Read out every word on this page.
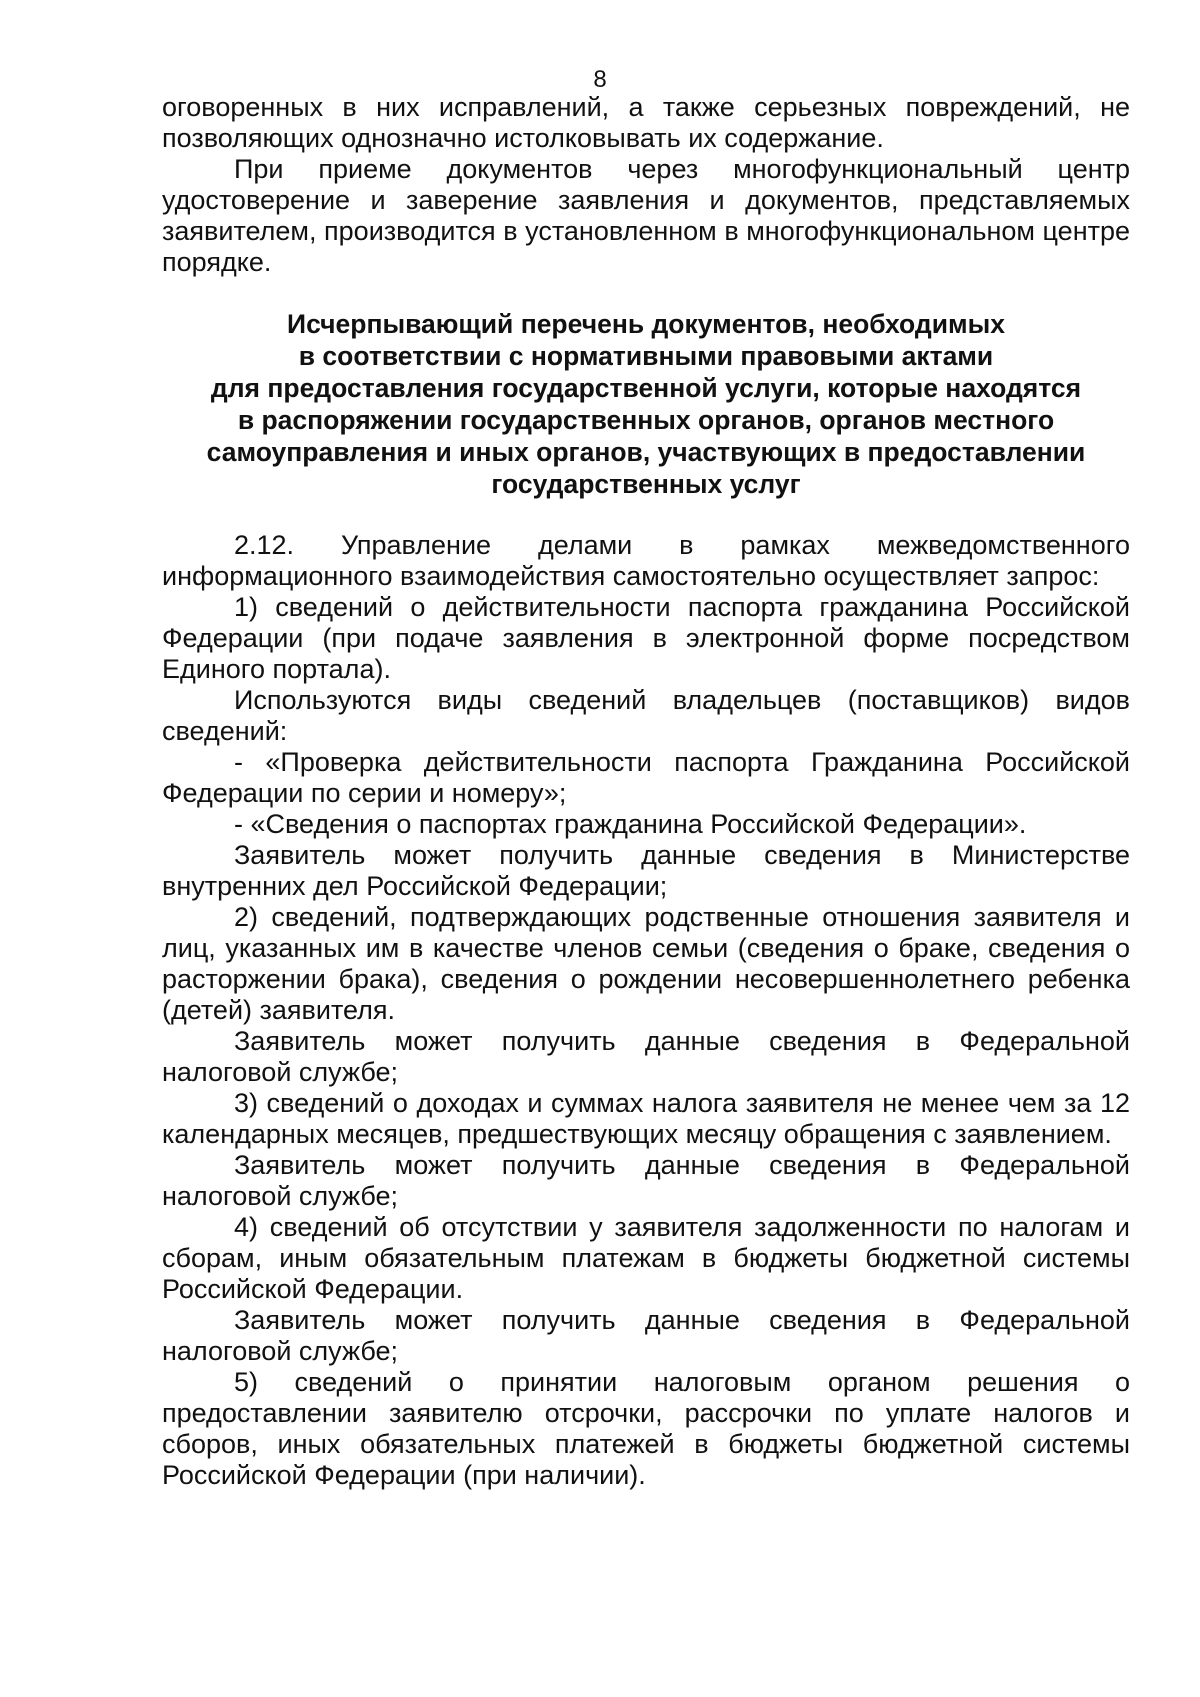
8

оговоренных в них исправлений, а также серьезных повреждений, не позволяющих однозначно истолковывать их содержание.

При приеме документов через многофункциональный центр удостоверение и заверение заявления и документов, представляемых заявителем, производится в установленном в многофункциональном центре порядке.

Исчерпывающий перечень документов, необходимых
в соответствии с нормативными правовыми актами
для предоставления государственной услуги, которые находятся
в распоряжении государственных органов, органов местного
самоуправления и иных органов, участвующих в предоставлении
государственных услуг

2.12. Управление делами в рамках межведомственного информационного взаимодействия самостоятельно осуществляет запрос:

1) сведений о действительности паспорта гражданина Российской Федерации (при подаче заявления в электронной форме посредством Единого портала).

Используются виды сведений владельцев (поставщиков) видов сведений:

- «Проверка действительности паспорта Гражданина Российской Федерации по серии и номеру»;

- «Сведения о паспортах гражданина Российской Федерации».

Заявитель может получить данные сведения в Министерстве внутренних дел Российской Федерации;

2) сведений, подтверждающих родственные отношения заявителя и лиц, указанных им в качестве членов семьи (сведения о браке, сведения о расторжении брака), сведения о рождении несовершеннолетнего ребенка (детей) заявителя.

Заявитель может получить данные сведения в Федеральной налоговой службе;

3) сведений о доходах и суммах налога заявителя не менее чем за 12 календарных месяцев, предшествующих месяцу обращения с заявлением.

Заявитель может получить данные сведения в Федеральной налоговой службе;

4) сведений об отсутствии у заявителя задолженности по налогам и сборам, иным обязательным платежам в бюджеты бюджетной системы Российской Федерации.

Заявитель может получить данные сведения в Федеральной налоговой службе;

5) сведений о принятии налоговым органом решения о предоставлении заявителю отсрочки, рассрочки по уплате налогов и сборов, иных обязательных платежей в бюджеты бюджетной системы Российской Федерации (при наличии).
